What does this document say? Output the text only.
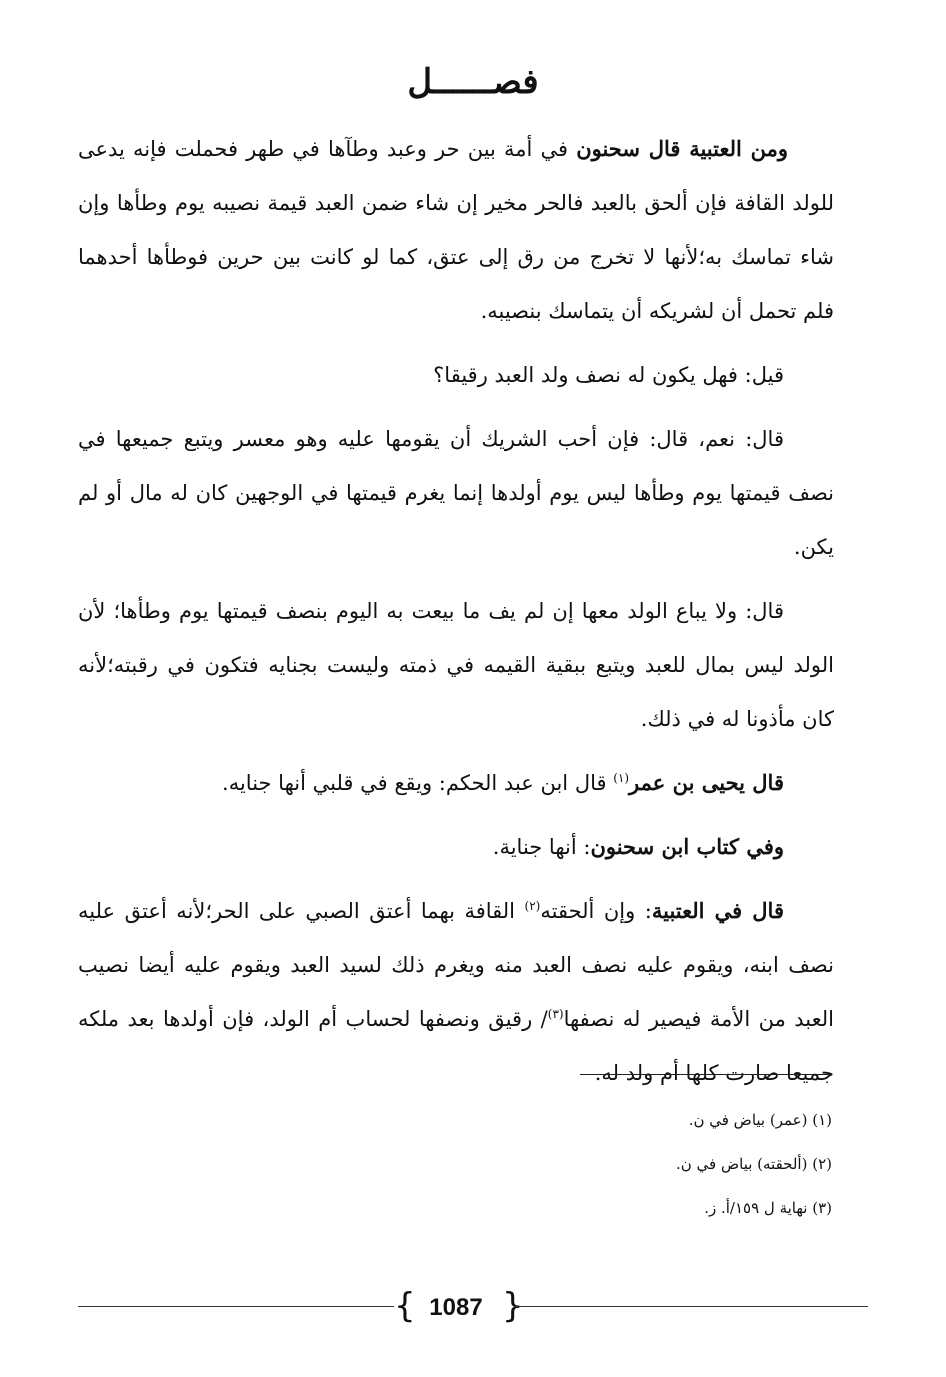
فصــــــل

ومن العتبية قال سحنون في أمة بين حر وعبد وطآها في طهر فحملت فإنه يدعى للولد القافة فإن ألحق بالعبد فالحر مخير إن شاء ضمن العبد قيمة نصيبه يوم وطأها وإن شاء تماسك به؛لأنها لا تخرج من رق إلى عتق، كما لو كانت بين حرين فوطأها أحدهما فلم تحمل أن لشريكه أن يتماسك بنصيبه.

قيل: فهل يكون له نصف ولد العبد رقيقا؟

قال: نعم، قال: فإن أحب الشريك أن يقومها عليه وهو معسر ويتبع جميعها في نصف قيمتها يوم وطأها ليس يوم أولدها إنما يغرم قيمتها في الوجهين كان له مال أو لم يكن.

قال: ولا يباع الولد معها إن لم يف ما بيعت به اليوم بنصف قيمتها يوم وطأها؛ لأن الولد ليس بمال للعبد ويتبع ببقية القيمه في ذمته وليست بجنايه فتكون في رقبته؛لأنه كان مأذونا له في ذلك.

قال يحيى بن عمر$^{(١)}$ قال ابن عبد الحكم: ويقع في قلبي أنها جنايه.

وفي كتاب ابن سحنون: أنها جناية.

قال في العتبية: وإن ألحقته$^{(٢)}$ القافة بهما أعتق الصبي على الحر؛لأنه أعتق عليه نصف ابنه، ويقوم عليه نصف العبد منه ويغرم ذلك لسيد العبد ويقوم عليه أيضا نصيب العبد من الأمة فيصير له نصفها$^{(٣)}$/ رقيق ونصفها لحساب أم الولد، فإن أولدها بعد ملكه جميعا صارت كلها أم ولد له.

(١) (عمر) بياض في ن.
(٢) (ألحقته) بياض في ن.
(٣) نهاية ل ١٥٩/أ. ز.
{ 1087 }
